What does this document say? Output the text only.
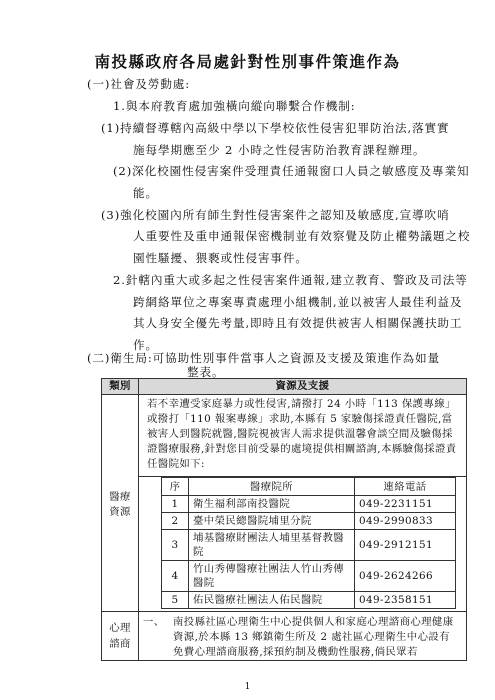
南投縣政府各局處針對性別事件策進作為
(一)社會及勞動處:
1.與本府教育處加強橫向縱向聯繫合作機制:
(1)持續督導轄內高級中學以下學校依性侵害犯罪防治法,落實實
施每學期應至少 2 小時之性侵害防治教育課程辦理。
(2)深化校園性侵害案件受理責任通報窗口人員之敏感度及專業知
能。
(3)強化校園內所有師生對性侵害案件之認知及敏感度,宣導吹哨
人重要性及重申通報保密機制並有效察覺及防止權勢議題之校
園性騷擾、猥褻或性侵害事件。
2.針轄內重大或多起之性侵害案件通報,建立教育、警政及司法等
跨網絡單位之專案專責處理小組機制,並以被害人最佳利益及
其人身安全優先考量,即時且有效提供被害人相關保護扶助工
作。
(二)衛生局:可協助性別事件當事人之資源及支援及策進作為如量
整表。
類別	資源及支援

醫療
資源
	若不幸遭受家庭暴力或性侵害,請撥打 24 小時「113 保護專線」或撥打「110 報案專線」求助,本縣有 5 家驗傷採證責任醫院,當被害人到醫院就醫,醫院視被害人需求提供溫馨會談空間及驗傷採證醫療服務,針對您目前受暴的處境提供相關諮詢,本縣驗傷採證責任醫院如下:

序	醫療院所	連絡電話
1	衛生福利部南投醫院	049-2231151
2	臺中榮民總醫院埔里分院	049-2990833
3	埔基醫療財團法人埔里基督教醫院	049-2912151
4	竹山秀傳醫療社團法人竹山秀傳醫院	049-2624266
5	佑民醫療社團法人佑民醫院	049-2358151

心理
諮商

一、 南投縣社區心理衛生中心提供個人和家庭心理諮商心理健康資源,於本縣 13 鄉鎮衛生所及 2 處社區心理衛生中心設有免費心理諮商服務,採預約制及機動性服務,倘民眾若
1
